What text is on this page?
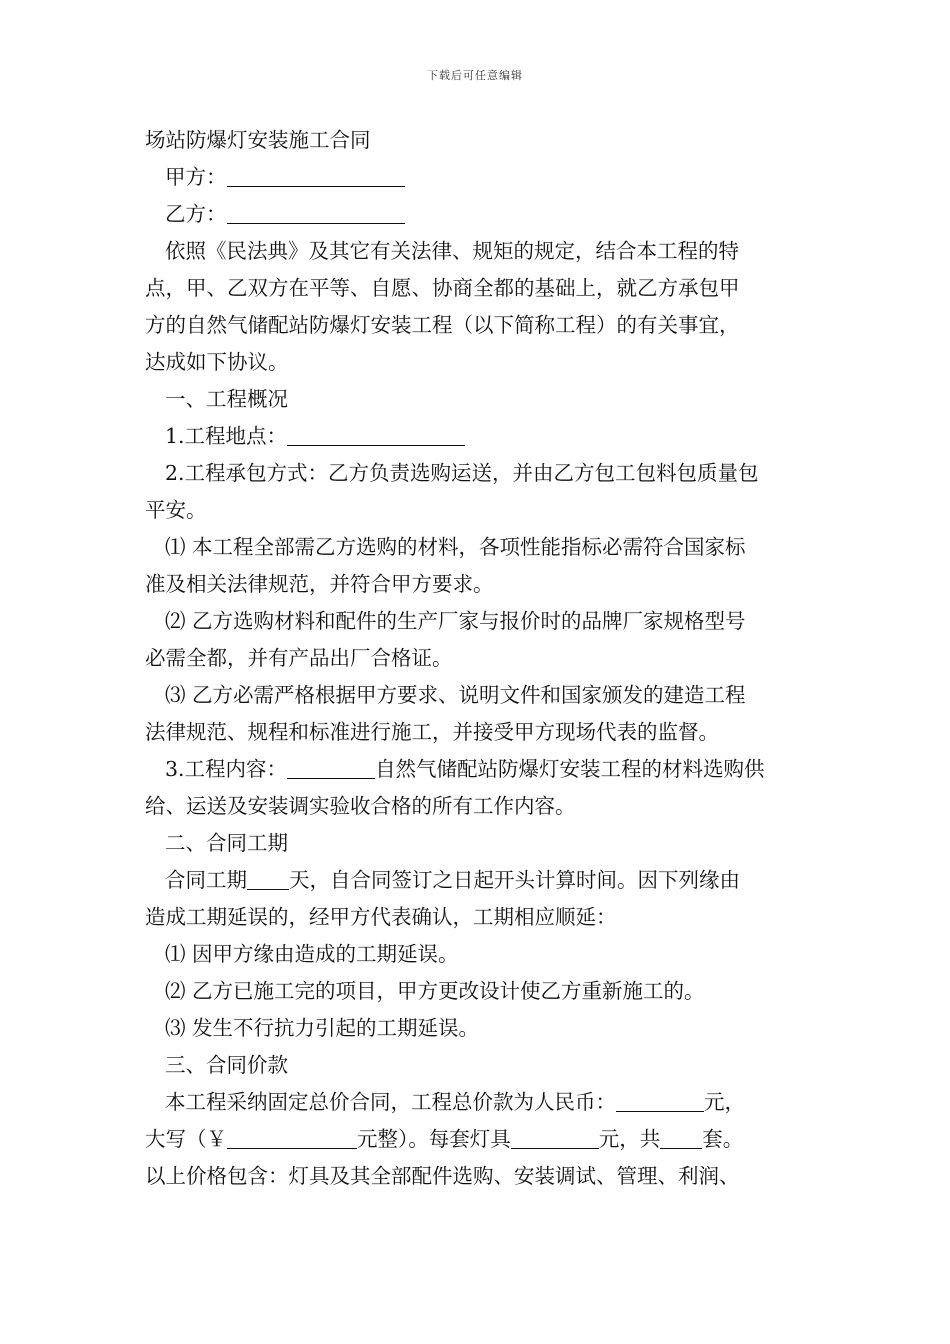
下载后可任意编辑

场站防爆灯安装施工合同

甲方：

乙方：

依照《民法典》及其它有关法律、规矩的规定，结合本工程的特

点，甲、乙双方在平等、自愿、协商全都的基础上，就乙方承包甲

方的自然气储配站防爆灯安装工程（以下简称工程）的有关事宜，

达成如下协议。

一、工程概况

1.工程地点：

2.工程承包方式：乙方负责选购运送，并由乙方包工包料包质量包

平安。

⑴ 本工程全部需乙方选购的材料，各项性能指标必需符合国家标

准及相关法律规范，并符合甲方要求。

⑵ 乙方选购材料和配件的生产厂家与报价时的品牌厂家规格型号

必需全都，并有产品出厂合格证。

⑶ 乙方必需严格根据甲方要求、说明文件和国家颁发的建造工程

法律规范、规程和标准进行施工，并接受甲方现场代表的监督。

3.工程内容：	自然气储配站防爆灯安装工程的材料选购供

给、运送及安装调实验收合格的所有工作内容。

二、合同工期

合同工期 天，自合同签订之日起开头计算时间。因下列缘由

造成工期延误的，经甲方代表确认，工期相应顺延：

⑴ 因甲方缘由造成的工期延误。

⑵ 乙方已施工完的项目，甲方更改设计使乙方重新施工的。

⑶ 发生不行抗力引起的工期延误。

三、合同价款

本工程采纳固定总价合同，工程总价款为人民币：	元，

大写（￥	元整）。每套灯具	元，共 套。

以上价格包含：灯具及其全部配件选购、安装调试、管理、利润、
